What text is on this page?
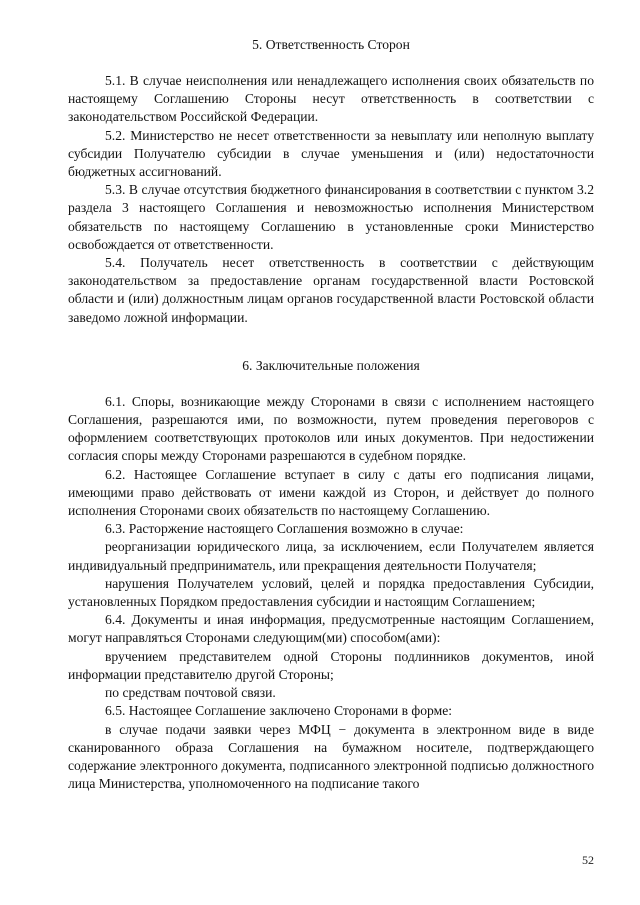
5. Ответственность Сторон

5.1. В случае неисполнения или ненадлежащего исполнения своих обязательств по настоящему Соглашению Стороны несут ответственность в соответствии с законодательством Российской Федерации.

5.2. Министерство не несет ответственности за невыплату или неполную выплату субсидии Получателю субсидии в случае уменьшения и (или) недостаточности бюджетных ассигнований.

5.3. В случае отсутствия бюджетного финансирования в соответствии с пунктом 3.2 раздела 3 настоящего Соглашения и невозможностью исполнения Министерством обязательств по настоящему Соглашению в установленные сроки Министерство освобождается от ответственности.

5.4. Получатель несет ответственность в соответствии с действующим законодательством за предоставление органам государственной власти Ростовской области и (или) должностным лицам органов государственной власти Ростовской области заведомо ложной информации.

6. Заключительные положения

6.1. Споры, возникающие между Сторонами в связи с исполнением настоящего Соглашения, разрешаются ими, по возможности, путем проведения переговоров с оформлением соответствующих протоколов или иных документов. При недостижении согласия споры между Сторонами разрешаются в судебном порядке.

6.2. Настоящее Соглашение вступает в силу с даты его подписания лицами, имеющими право действовать от имени каждой из Сторон, и действует до полного исполнения Сторонами своих обязательств по настоящему Соглашению.

6.3. Расторжение настоящего Соглашения возможно в случае:

реорганизации юридического лица, за исключением, если Получателем является индивидуальный предприниматель, или прекращения деятельности Получателя;

нарушения Получателем условий, целей и порядка предоставления Субсидии, установленных Порядком предоставления субсидии и настоящим Соглашением;

6.4. Документы и иная информация, предусмотренные настоящим Соглашением, могут направляться Сторонами следующим(ми) способом(ами):

вручением представителем одной Стороны подлинников документов, иной информации представителю другой Стороны;

по средствам почтовой связи.

6.5. Настоящее Соглашение заключено Сторонами в форме:

в случае подачи заявки через МФЦ − документа в электронном виде в виде сканированного образа Соглашения на бумажном носителе, подтверждающего содержание электронного документа, подписанного электронной подписью должностного лица Министерства, уполномоченного на подписание такого

52
